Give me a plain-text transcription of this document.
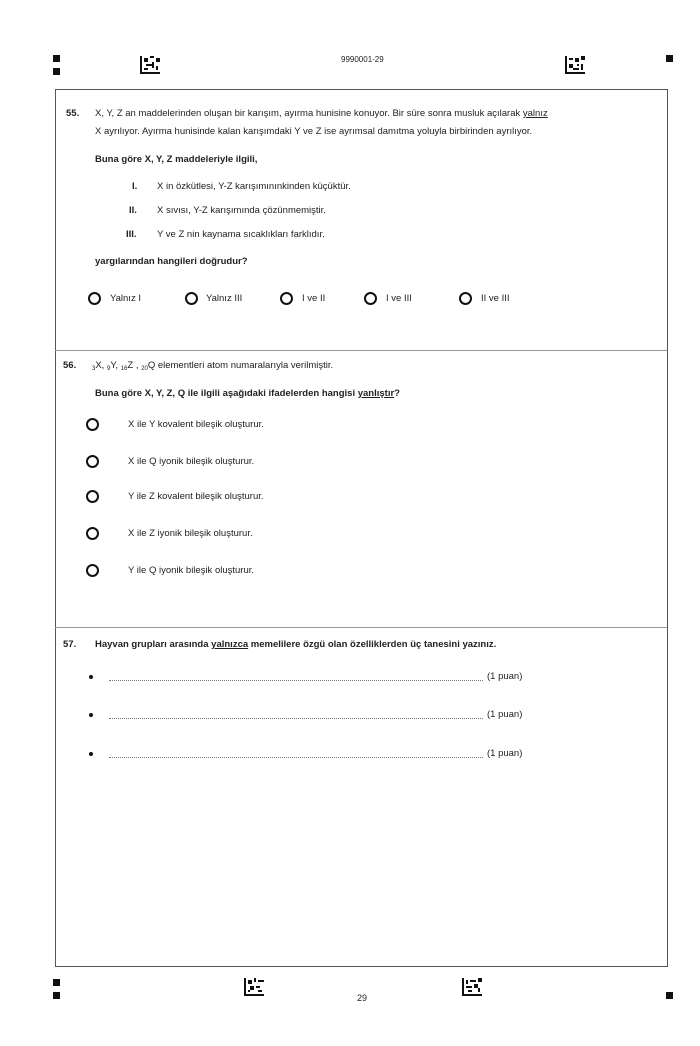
9990001-29
29
55. X, Y, Z an maddelerinden oluşan bir karışım, ayırma hunisine konuyor. Bir süre sonra musluk açılarak yalnız
X ayrılıyor. Ayırma hunisinde kalan karışımdaki Y ve Z ise ayrımsal damıtma yoluyla birbirinden ayrılıyor.
Buna göre X, Y, Z maddeleriyle ilgili,
I. X in özkütlesi, Y-Z karışımınınkinden küçüktür.
II. X sıvısı, Y-Z karışımında çözünmemiştir.
III. Y ve Z nin kaynama sıcaklıkları farklıdır.
yargılarından hangileri doğrudur?
Yalnız I	Yalnız III	I ve II	I ve III	II ve III
56.	$_3$X, $_9$Y, $_{16}$Z , $_{20}$Q elementleri atom numaralarıyla verilmiştir.
Buna göre X, Y, Z, Q ile ilgili aşağıdaki ifadelerden hangisi yanlıştır?
X ile Y kovalent bileşik oluşturur.
X ile Q iyonik bileşik oluşturur.
Y ile Z kovalent bileşik oluşturur.
X ile Z iyonik bileşik oluşturur.
Y ile Q iyonik bileşik oluşturur.
57. Hayvan grupları arasında yalnızca memelilere özgü olan özelliklerden üç tanesini yazınız.
(1 puan)
(1 puan)
(1 puan)
